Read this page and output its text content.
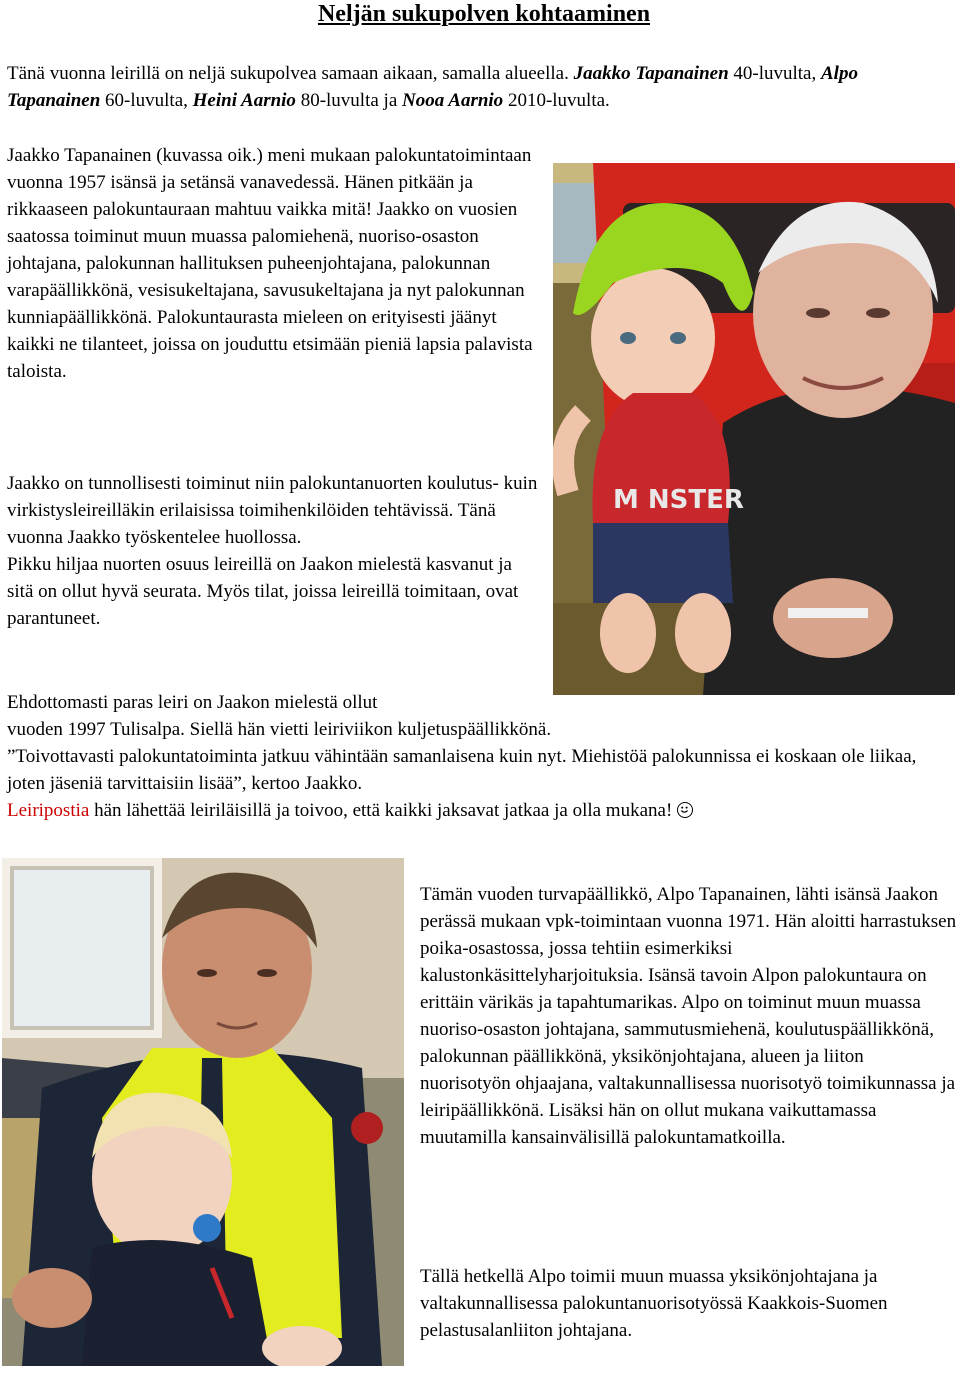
Neljän sukupolven kohtaaminen

Tänä vuonna leirillä on neljä sukupolvea samaan aikaan, samalla alueella. Jaakko Tapanainen 40-luvulta, Alpo Tapanainen 60-luvulta, Heini Aarnio 80-luvulta ja Nooa Aarnio 2010-luvulta.

Jaakko Tapanainen (kuvassa oik.) meni mukaan palokuntatoimintaan vuonna 1957 isänsä ja setänsä vanavedessä. Hänen pitkään ja rikkaaseen palokuntauraan mahtuu vaikka mitä! Jaakko on vuosien saatossa toiminut muun muassa palomiehenä, nuoriso-osaston johtajana, palokunnan hallituksen puheenjohtajana, palokunnan varapäällikkönä, vesisukeltajana, savusukeltajana ja nyt palokunnan kunniapäällikkönä. Palokuntaurasta mieleen on erityisesti jäänyt kaikki ne tilanteet, joissa on jouduttu etsimään pieniä lapsia palavista taloista.

Jaakko on tunnollisesti toiminut niin palokuntanuorten koulutus- kuin virkistysleireilläkin erilaisissa toimihenkilöiden tehtävissä. Tänä vuonna Jaakko työskentelee huollossa.

Pikku hiljaa nuorten osuus leireillä on Jaakon mielestä kasvanut ja sitä on ollut hyvä seurata. Myös tilat, joissa leireillä toimitaan, ovat parantuneet.

Ehdottomasti paras leiri on Jaakon mielestä ollut

vuoden 1997 Tulisalpa. Siellä hän vietti leiriviikon kuljetuspäällikkönä.

”Toivottavasti palokuntatoiminta jatkuu vähintään samanlaisena kuin nyt. Miehistöä palokunnissa ei koskaan ole liikaa, joten jäseniä tarvittaisiin lisää”, kertoo Jaakko.

Leiripostia hän lähettää leiriläisillä ja toivoo, että kaikki jaksavat jatkaa ja olla mukana!

Tämän vuoden turvapäällikkö, Alpo Tapanainen, lähti isänsä Jaakon perässä mukaan vpk-toimintaan vuonna 1971. Hän aloitti harrastuksen poika-osastossa, jossa tehtiin esimerkiksi kalustonkäsittelyharjoituksia. Isänsä tavoin Alpon palokuntaura on erittäin värikäs ja tapahtumarikas. Alpo on toiminut muun muassa nuoriso-osaston johtajana, sammutusmiehenä, koulutuspäällikkönä, palokunnan päällikkönä, yksikönjohtajana, alueen ja liiton nuorisotyön ohjaajana, valtakunnallisessa nuorisotyö toimikunnassa ja leiripäällikkönä. Lisäksi hän on ollut mukana vaikuttamassa muutamilla kansainvälisillä palokuntamatkoilla.

Tällä hetkellä Alpo toimii muun muassa yksikönjohtajana ja valtakunnallisessa palokuntanuorisotyössä Kaakkois-Suomen pelastusalanliiton johtajana.

M NSTER
